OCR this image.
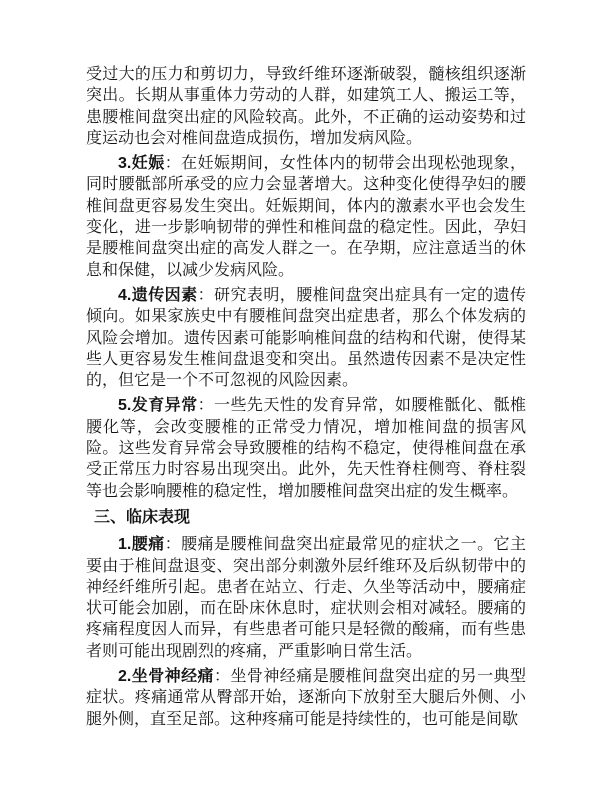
受过大的压力和剪切力，导致纤维环逐渐破裂，髓核组织逐渐突出。长期从事重体力劳动的人群，如建筑工人、搬运工等，患腰椎间盘突出症的风险较高。此外，不正确的运动姿势和过度运动也会对椎间盘造成损伤，增加发病风险。

3.妊娠：在妊娠期间，女性体内的韧带会出现松弛现象，同时腰骶部所承受的应力会显著增大。这种变化使得孕妇的腰椎间盘更容易发生突出。妊娠期间，体内的激素水平也会发生变化，进一步影响韧带的弹性和椎间盘的稳定性。因此，孕妇是腰椎间盘突出症的高发人群之一。在孕期，应注意适当的休息和保健，以减少发病风险。

4.遗传因素：研究表明，腰椎间盘突出症具有一定的遗传倾向。如果家族史中有腰椎间盘突出症患者，那么个体发病的风险会增加。遗传因素可能影响椎间盘的结构和代谢，使得某些人更容易发生椎间盘退变和突出。虽然遗传因素不是决定性的，但它是一个不可忽视的风险因素。

5.发育异常：一些先天性的发育异常，如腰椎骶化、骶椎腰化等，会改变腰椎的正常受力情况，增加椎间盘的损害风险。这些发育异常会导致腰椎的结构不稳定，使得椎间盘在承受正常压力时容易出现突出。此外，先天性脊柱侧弯、脊柱裂等也会影响腰椎的稳定性，增加腰椎间盘突出症的发生概率。

三、临床表现

1.腰痛：腰痛是腰椎间盘突出症最常见的症状之一。它主要由于椎间盘退变、突出部分刺激外层纤维环及后纵韧带中的神经纤维所引起。患者在站立、行走、久坐等活动中，腰痛症状可能会加剧，而在卧床休息时，症状则会相对减轻。腰痛的疼痛程度因人而异，有些患者可能只是轻微的酸痛，而有些患者则可能出现剧烈的疼痛，严重影响日常生活。

2.坐骨神经痛：坐骨神经痛是腰椎间盘突出症的另一典型症状。疼痛通常从臀部开始，逐渐向下放射至大腿后外侧、小腿外侧，直至足部。这种疼痛可能是持续性的，也可能是间歇
